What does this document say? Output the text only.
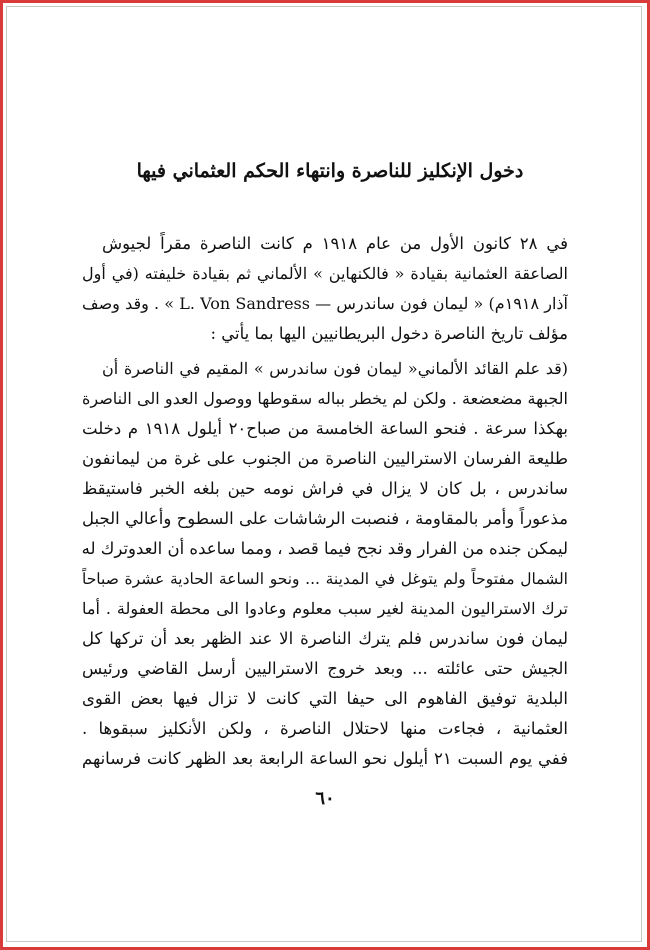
دخول الإنكليز للناصرة وانتهاء الحكم العثماني فيها
في ٢٨ كانون الأول من عام ١٩١٨ م كانت الناصرة مقراً لجيوش
الصاعقة العثمانية بقيادة « فالكنهاين » الألماني ثم بقيادة خليفته (في أول
آذار ١٩١٨م) « ليمان فون ساندرس — L. Von Sandress » . وقد وصف
مؤلف تاريخ الناصرة دخول البريطانيين اليها بما يأتي :
(قد علم القائد الألماني« ليمان فون ساندرس » المقيم في الناصرة أن
الجبهة مضعضعة . ولكن لم يخطر بباله سقوطها ووصول العدو الى الناصرة
بهكذا سرعة . فنحو الساعة الخامسة من صباح٢٠ أيلول ١٩١٨ م دخلت
طليعة الفرسان الاستراليين الناصرة من الجنوب على غرة من ليمانفون
ساندرس ، بل كان لا يزال في فراش نومه حين بلغه الخبر فاستيقظ
مذعوراً وأمر بالمقاومة ، فنصبت الرشاشات على السطوح وأعالي الجبل
ليمكن جنده من الفرار وقد نجح فيما قصد ، ومما ساعده أن العدوترك له
الشمال مفتوحاً ولم يتوغل في المدينة ... ونحو الساعة الحادية عشرة صباحاً
ترك الاستراليون المدينة لغير سبب معلوم وعادوا الى محطة العفولة . أما
ليمان فون ساندرس فلم يترك الناصرة الا عند الظهر بعد أن تركها كل
الجيش حتى عائلته ... وبعد خروج الاستراليين أرسل القاضي ورئيس
البلدية توفيق الفاهوم الى حيفا التي كانت لا تزال فيها بعض القوى
العثمانية ، فجاءت منها لاحتلال الناصرة ، ولكن الأنكليز سبقوها .
ففي يوم السبت ٢١ أيلول نحو الساعة الرابعة بعد الظهر كانت فرسانهم
٦٠
